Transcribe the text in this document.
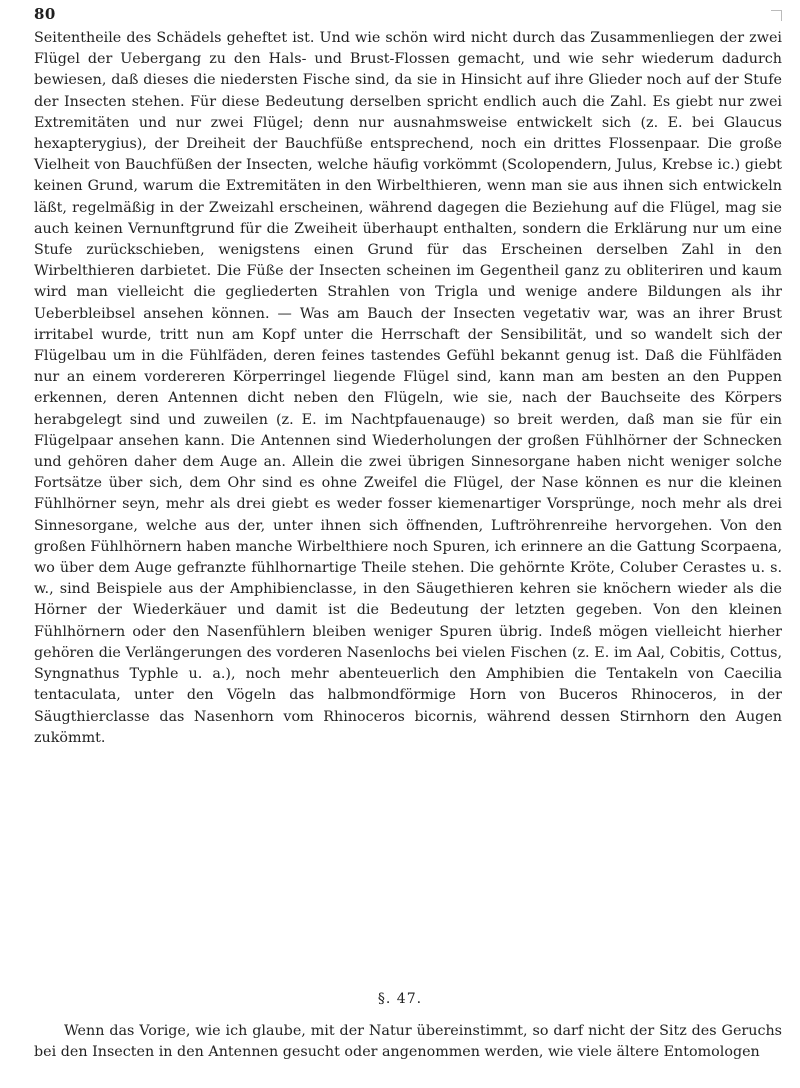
80

Seitentheile des Schädels geheftet ist. Und wie schön wird nicht durch das Zusammenliegen der zwei Flügel der Uebergang zu den Hals- und Brust-Flossen gemacht, und wie sehr wiederum dadurch bewiesen, daß dieses die niedersten Fische sind, da sie in Hinsicht auf ihre Glieder noch auf der Stufe der Insecten stehen. Für diese Bedeutung derselben spricht endlich auch die Zahl. Es giebt nur zwei Extremitäten und nur zwei Flügel; denn nur ausnahmsweise entwickelt sich (z. E. bei Glaucus hexapterygius), der Dreiheit der Bauchfüße entsprechend, noch ein drittes Flossenpaar. Die große Vielheit von Bauchfüßen der Insecten, welche häufig vorkömmt (Scolopendern, Julus, Krebse ic.) giebt keinen Grund, warum die Extremitäten in den Wirbelthieren, wenn man sie aus ihnen sich entwickeln läßt, regelmäßig in der Zweizahl erscheinen, während dagegen die Beziehung auf die Flügel, mag sie auch keinen Vernunftgrund für die Zweiheit überhaupt enthalten, sondern die Erklärung nur um eine Stufe zurückschieben, wenigstens einen Grund für das Erscheinen derselben Zahl in den Wirbelthieren darbietet. Die Füße der Insecten scheinen im Gegentheil ganz zu obliteriren und kaum wird man vielleicht die gegliederten Strahlen von Trigla und wenige andere Bildungen als ihr Ueberbleibsel ansehen können. — Was am Bauch der Insecten vegetativ war, was an ihrer Brust irritabel wurde, tritt nun am Kopf unter die Herrschaft der Sensibilität, und so wandelt sich der Flügelbau um in die Fühlfäden, deren feines tastendes Gefühl bekannt genug ist. Daß die Fühlfäden nur an einem vordereren Körperringel liegende Flügel sind, kann man am besten an den Puppen erkennen, deren Antennen dicht neben den Flügeln, wie sie, nach der Bauchseite des Körpers herabgelegt sind und zuweilen (z. E. im Nachtpfauenauge) so breit werden, daß man sie für ein Flügelpaar ansehen kann. Die Antennen sind Wiederholungen der großen Fühlhörner der Schnecken und gehören daher dem Auge an. Allein die zwei übrigen Sinnesorgane haben nicht weniger solche Fortsätze über sich, dem Ohr sind es ohne Zweifel die Flügel, der Nase können es nur die kleinen Fühlhörner seyn, mehr als drei giebt es weder fosser kiemenartiger Vorsprünge, noch mehr als drei Sinnesorgane, welche aus der, unter ihnen sich öffnenden, Luftröhrenreihe hervorgehen. Von den großen Fühlhörnern haben manche Wirbelthiere noch Spuren, ich erinnere an die Gattung Scorpaena, wo über dem Auge gefranzte fühlhornartige Theile stehen. Die gehörnte Kröte, Coluber Cerastes u. s. w., sind Beispiele aus der Amphibienclasse, in den Säugethieren kehren sie knöchern wieder als die Hörner der Wiederkäuer und damit ist die Bedeutung der letzten gegeben. Von den kleinen Fühlhörnern oder den Nasenfühlern bleiben weniger Spuren übrig. Indeß mögen vielleicht hierher gehören die Verlängerungen des vorderen Nasenlochs bei vielen Fischen (z. E. im Aal, Cobitis, Cottus, Syngnathus Typhle u. a.), noch mehr abenteuerlich den Amphibien die Tentakeln von Caecilia tentaculata, unter den Vögeln das halbmondförmige Horn von Buceros Rhinoceros, in der Säugthierclasse das Nasenhorn vom Rhinoceros bicornis, während dessen Stirnhorn den Augen zukömmt.

§. 47.

Wenn das Vorige, wie ich glaube, mit der Natur übereinstimmt, so darf nicht der Sitz des Geruchs bei den Insecten in den Antennen gesucht oder angenommen werden, wie viele ältere Entomologen
